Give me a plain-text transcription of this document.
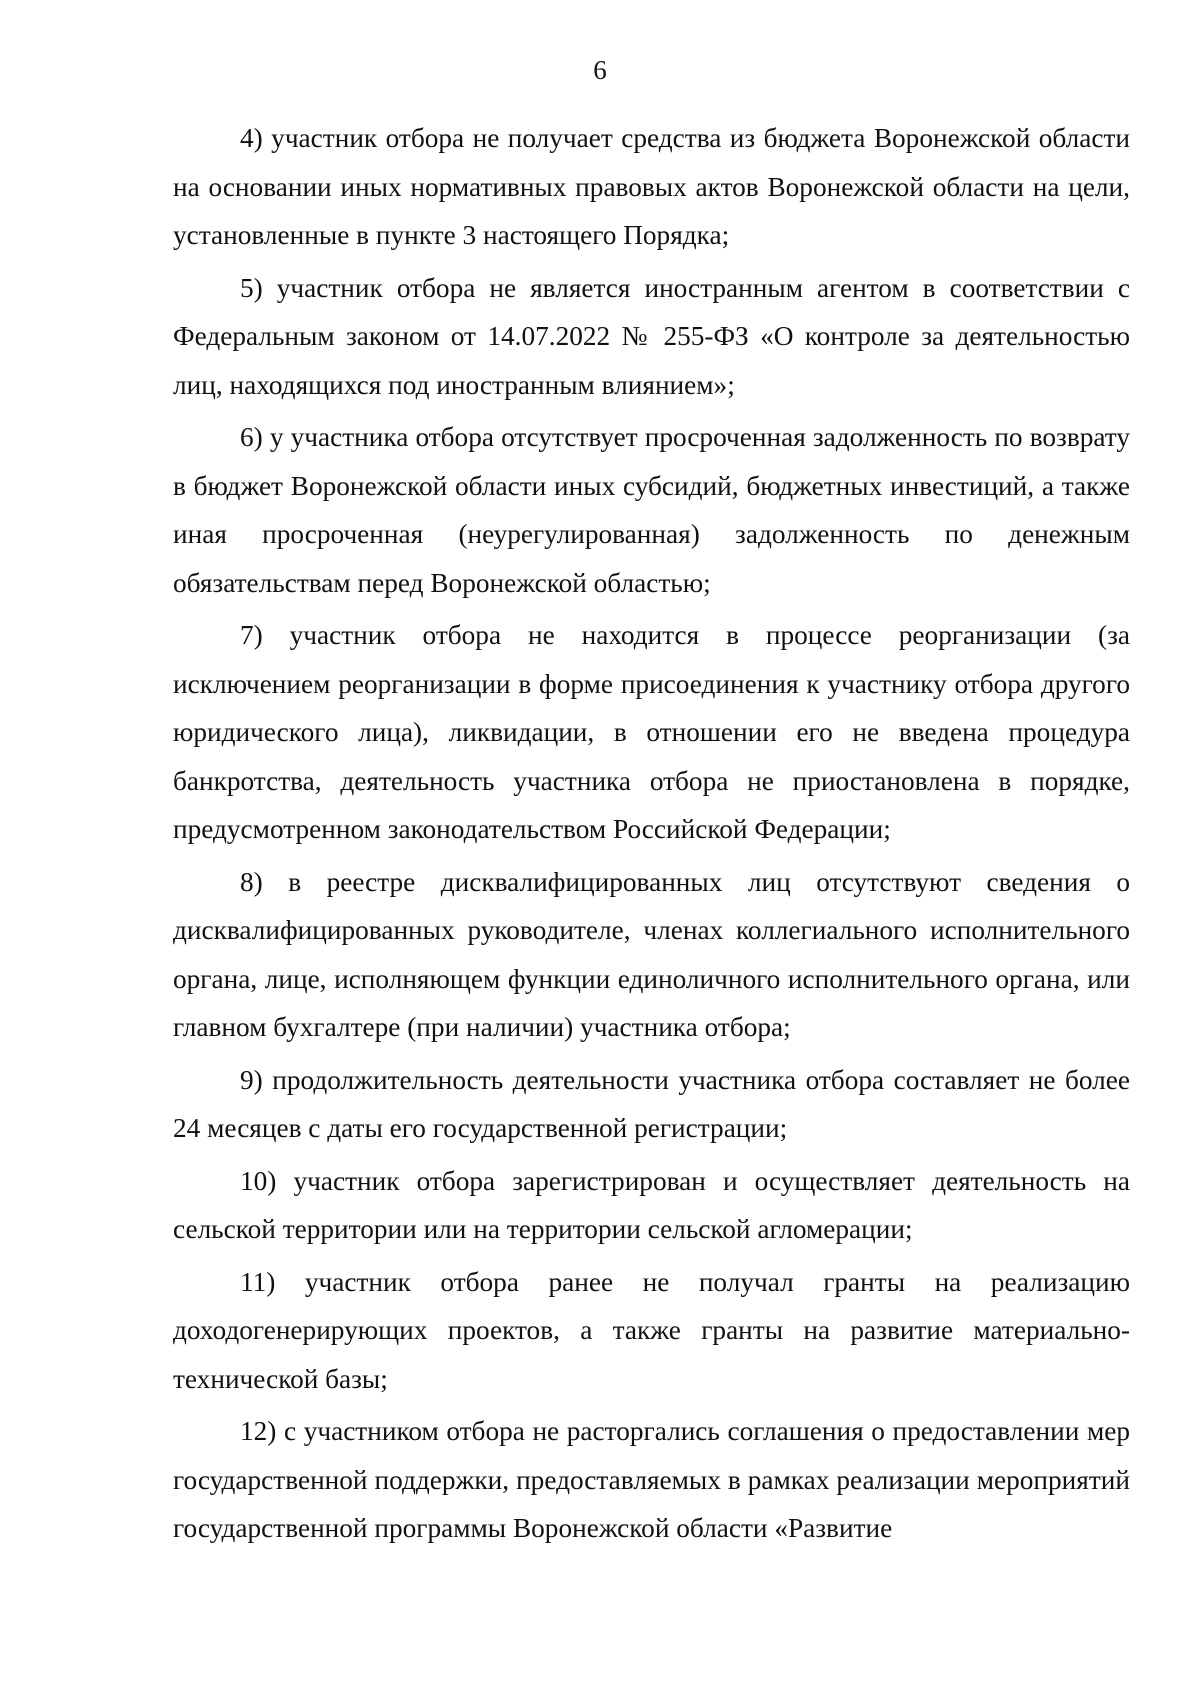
6

4) участник отбора не получает средства из бюджета Воронежской области на основании иных нормативных правовых актов Воронежской области на цели, установленные в пункте 3 настоящего Порядка;

5) участник отбора не является иностранным агентом в соответствии с Федеральным законом от 14.07.2022 № 255-ФЗ «О контроле за деятельностью лиц, находящихся под иностранным влиянием»;

6) у участника отбора отсутствует просроченная задолженность по возврату в бюджет Воронежской области иных субсидий, бюджетных инвестиций, а также иная просроченная (неурегулированная) задолженность по денежным обязательствам перед Воронежской областью;

7) участник отбора не находится в процессе реорганизации (за исключением реорганизации в форме присоединения к участнику отбора другого юридического лица), ликвидации, в отношении его не введена процедура банкротства, деятельность участника отбора не приостановлена в порядке, предусмотренном законодательством Российской Федерации;

8) в реестре дисквалифицированных лиц отсутствуют сведения о дисквалифицированных руководителе, членах коллегиального исполнительного органа, лице, исполняющем функции единоличного исполнительного органа, или главном бухгалтере (при наличии) участника отбора;

9) продолжительность деятельности участника отбора составляет не более 24 месяцев с даты его государственной регистрации;

10) участник отбора зарегистрирован и осуществляет деятельность на сельской территории или на территории сельской агломерации;

11) участник отбора ранее не получал гранты на реализацию доходогенерирующих проектов, а также гранты на развитие материально-технической базы;

12) с участником отбора не расторгались соглашения о предоставлении мер государственной поддержки, предоставляемых в рамках реализации мероприятий государственной программы Воронежской области «Развитие
